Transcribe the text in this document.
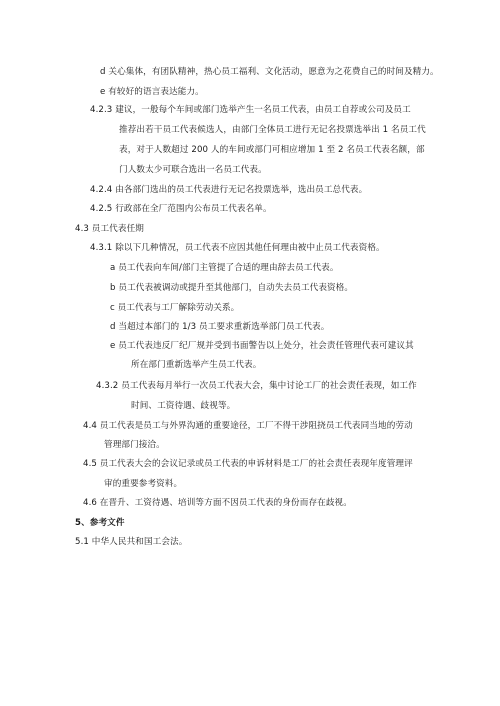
d 关心集体，有团队精神，热心员工福利、文化活动，愿意为之花费自己的时间及精力。
e 有较好的语言表达能力。
4.2.3 建议，一般每个车间或部门选举产生一名员工代表，由员工自荐或公司及员工
推荐出若干员工代表候选人，由部门全体员工进行无记名投票选举出 1 名员工代
表，对于人数超过 200 人的车间或部门可相应增加 1 至 2 名员工代表名额，部
门人数太少可联合选出一名员工代表。
4.2.4 由各部门选出的员工代表进行无记名投票选举，选出员工总代表。
4.2.5 行政部在全厂范围内公布员工代表名单。
4.3 员工代表任期
4.3.1 除以下几种情况，员工代表不应因其他任何理由被中止员工代表资格。
a 员工代表向车间/部门主管提了合适的理由辞去员工代表。
b 员工代表被调动或提升至其他部门，自动失去员工代表资格。
c 员工代表与工厂解除劳动关系。
d 当超过本部门的 1/3 员工要求重新选举部门员工代表。
e 员工代表违反厂纪厂规并受到书面警告以上处分，社会责任管理代表可建议其
所在部门重新选举产生员工代表。
4.3.2 员工代表每月举行一次员工代表大会，集中讨论工厂的社会责任表现，如工作
时间、工资待遇、歧视等。
4.4 员工代表是员工与外界沟通的重要途径，工厂不得干涉阻挠员工代表同当地的劳动
管理部门接洽。
4.5 员工代表大会的会议记录或员工代表的申诉材料是工厂的社会责任表现年度管理评
审的重要参考资料。
4.6 在晋升、工资待遇、培训等方面不因员工代表的身份而存在歧视。
5、参考文件
5.1 中华人民共和国工会法。
